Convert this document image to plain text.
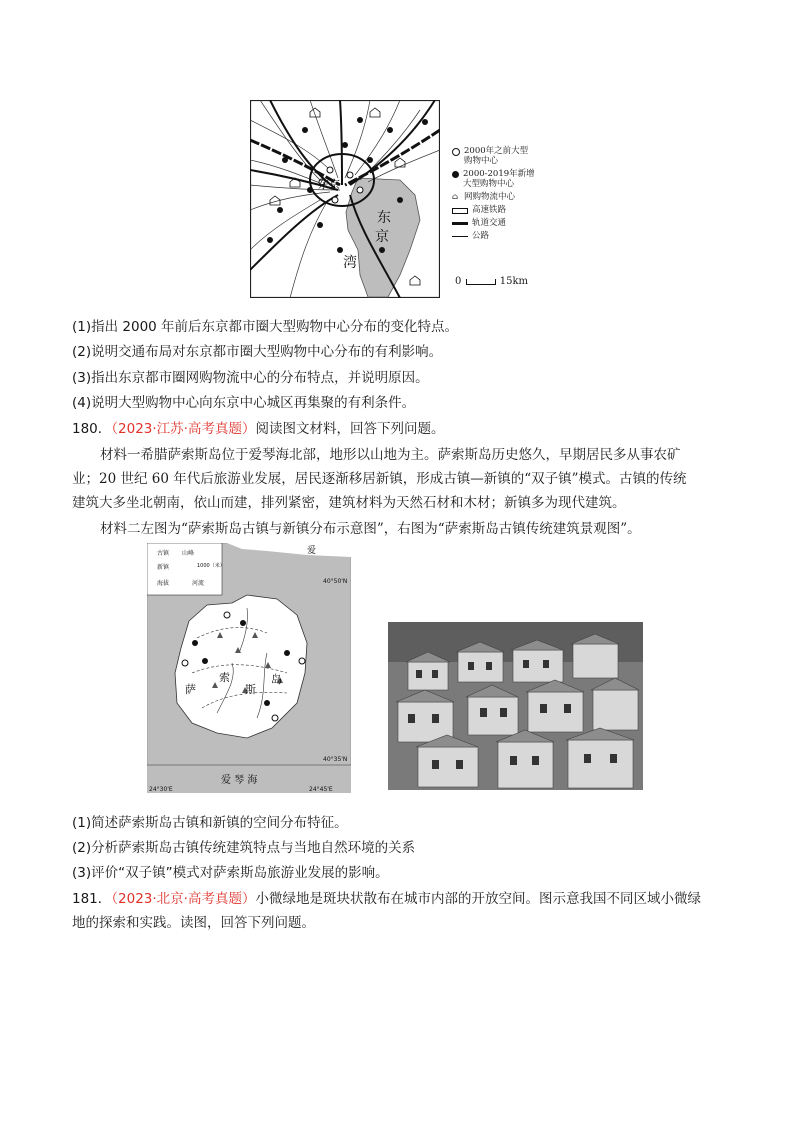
东京
东
京
湾
2000年之前大型
购物中心
2000-2019年新增
大型购物中心
⌂ 网购物流中心
高速铁路
轨道交通
公路
0	15km
(1)指出 2000 年前后东京都市圈大型购物中心分布的变化特点。
(2)说明交通布局对东京都市圈大型购物中心分布的有利影响。
(3)指出东京都市圈网购物流中心的分布特点，并说明原因。
(4)说明大型购物中心向东京中心城区再集聚的有利条件。
180．（2023·江苏·高考真题）阅读图文材料，回答下列问题。
材料一希腊萨索斯岛位于爱琴海北部，地形以山地为主。萨索斯岛历史悠久，早期居民多从事农矿
业；20 世纪 60 年代后旅游业发展，居民逐渐移居新镇，形成古镇—新镇的“双子镇”模式。古镇的传统
建筑大多坐北朝南，依山而建，排列紧密，建筑材料为天然石材和木材；新镇多为现代建筑。
材料二左图为“萨索斯岛古镇与新镇分布示意图”，右图为“萨索斯岛古镇传统建筑景观图”。
古镇
新镇
山峰
1000（米）
海拔	河流
爱
萨
索
斯
岛
爱 琴 海
40°50'N
40°35'N
24°30'E	24°45'E
(1)简述萨索斯岛古镇和新镇的空间分布特征。
(2)分析萨索斯岛古镇传统建筑特点与当地自然环境的关系
(3)评价“双子镇”模式对萨索斯岛旅游业发展的影响。
181．（2023·北京·高考真题）小微绿地是斑块状散布在城市内部的开放空间。图示意我国不同区域小微绿
地的探索和实践。读图，回答下列问题。
